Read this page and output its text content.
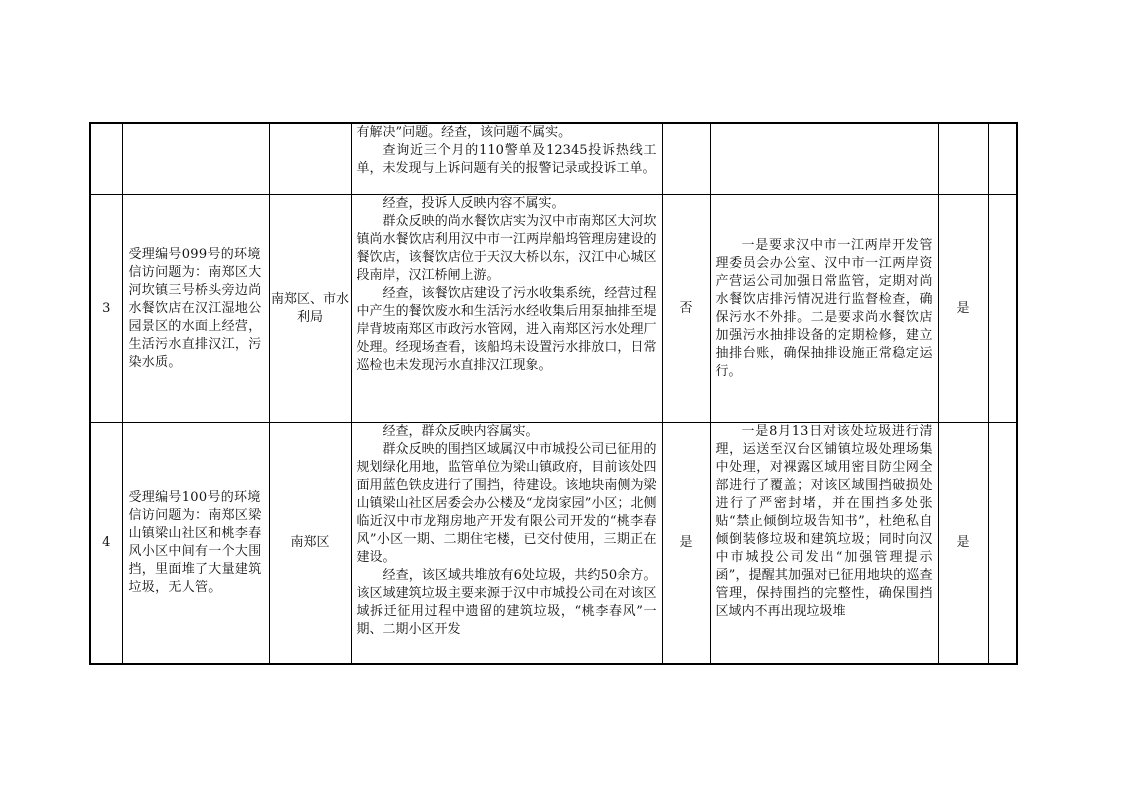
			有解决”问题。经查，该问题不属实。

查询近三个月的110警单及12345投诉热线工单，未发现与上诉问题有关的报警记录或投诉工单。				

3	受理编号099号的环境信访问题为：南郑区大河坎镇三号桥头旁边尚水餐饮店在汉江湿地公园景区的水面上经营，生活污水直排汉江，污染水质。	南郑区、市水利局	经查，投诉人反映内容不属实。

群众反映的尚水餐饮店实为汉中市南郑区大河坎镇尚水餐饮店利用汉中市一江两岸船坞管理房建设的餐饮店，该餐饮店位于天汉大桥以东，汉江中心城区段南岸，汉江桥闸上游。

经查，该餐饮店建设了污水收集系统，经营过程中产生的餐饮废水和生活污水经收集后用泵抽排至堤岸背坡南郑区市政污水管网，进入南郑区污水处理厂处理。经现场查看，该船坞未设置污水排放口，日常巡检也未发现污水直排汉江现象。	否	一是要求汉中市一江两岸开发管理委员会办公室、汉中市一江两岸资产营运公司加强日常监管，定期对尚水餐饮店排污情况进行监督检查，确保污水不外排。二是要求尚水餐饮店加强污水抽排设备的定期检修，建立抽排台账，确保抽排设施正常稳定运行。	是	
4	受理编号100号的环境信访问题为：南郑区梁山镇梁山社区和桃李春风小区中间有一个大围挡，里面堆了大量建筑垃圾，无人管。	南郑区	经查，群众反映内容属实。

群众反映的围挡区域属汉中市城投公司已征用的规划绿化用地，监管单位为梁山镇政府，目前该处四面用蓝色铁皮进行了围挡，待建设。该地块南侧为梁山镇梁山社区居委会办公楼及“龙岗家园”小区；北侧临近汉中市龙翔房地产开发有限公司开发的“桃李春风”小区一期、二期住宅楼，已交付使用，三期正在建设。

经查，该区域共堆放有6处垃圾，共约50余方。该区域建筑垃圾主要来源于汉中市城投公司在对该区域拆迁征用过程中遗留的建筑垃圾，“桃李春风”一期、二期小区开发	是	一是8月13日对该处垃圾进行清理，运送至汉台区铺镇垃圾处理场集中处理，对裸露区域用密目防尘网全部进行了覆盖；对该区域围挡破损处进行了严密封堵，并在围挡多处张贴“禁止倾倒垃圾告知书”，杜绝私自倾倒装修垃圾和建筑垃圾；同时向汉中市城投公司发出“加强管理提示函”，提醒其加强对已征用地块的巡查管理，保持围挡的完整性，确保围挡区域内不再出现垃圾堆	是	
